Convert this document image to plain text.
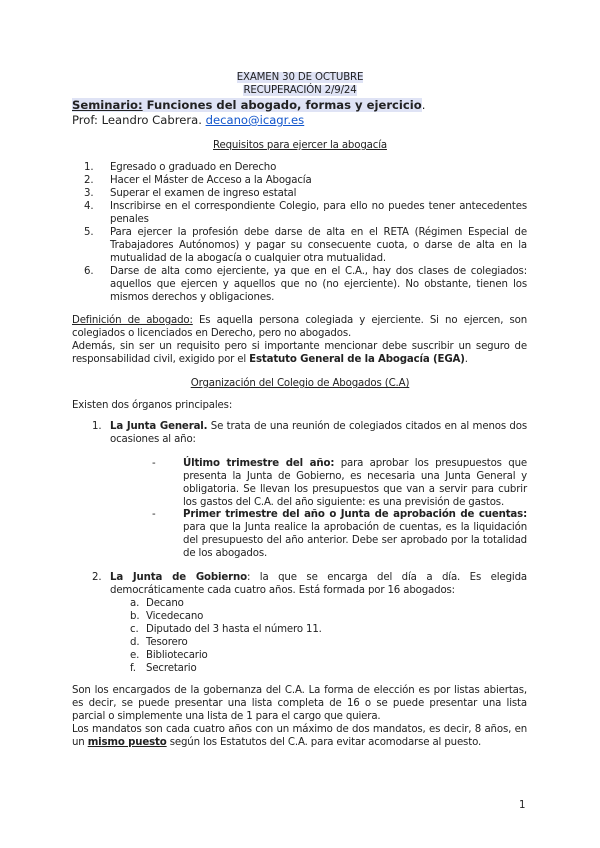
EXAMEN 30 DE OCTUBRE
RECUPERACIÓN 2/9/24
Seminario: Funciones del abogado, formas y ejercicio.
Prof: Leandro Cabrera. decano@icagr.es
Requisitos para ejercer la abogacía
1. Egresado o graduado en Derecho
2. Hacer el Máster de Acceso a la Abogacía
3. Superar el examen de ingreso estatal
4. Inscribirse en el correspondiente Colegio, para ello no puedes tener antecedentes penales
5. Para ejercer la profesión debe darse de alta en el RETA (Régimen Especial de Trabajadores Autónomos) y pagar su consecuente cuota, o darse de alta en la mutualidad de la abogacía o cualquier otra mutualidad.
6. Darse de alta como ejerciente, ya que en el C.A., hay dos clases de colegiados: aquellos que ejercen y aquellos que no (no ejerciente). No obstante, tienen los mismos derechos y obligaciones.
Definición de abogado: Es aquella persona colegiada y ejerciente. Si no ejercen, son colegiados o licenciados en Derecho, pero no abogados.
Además, sin ser un requisito pero si importante mencionar debe suscribir un seguro de responsabilidad civil, exigido por el Estatuto General de la Abogacía (EGA).
Organización del Colegio de Abogados (C.A)
Existen dos órganos principales:
1. La Junta General. Se trata de una reunión de colegiados citados en al menos dos ocasiones al año:
-	Último trimestre del año: para aprobar los presupuestos que presenta la Junta de Gobierno, es necesaria una Junta General y obligatoria. Se llevan los presupuestos que van a servir para cubrir los gastos del C.A. del año siguiente: es una previsión de gastos.
-	Primer trimestre del año o Junta de aprobación de cuentas: para que la Junta realice la aprobación de cuentas, es la liquidación del presupuesto del año anterior. Debe ser aprobado por la totalidad de los abogados.
2. La Junta de Gobierno: la que se encarga del día a día. Es elegida democráticamente cada cuatro años. Está formada por 16 abogados:
a. Decano
b. Vicedecano
c. Diputado del 3 hasta el número 11.
d. Tesorero
e. Bibliotecario
f. Secretario
Son los encargados de la gobernanza del C.A. La forma de elección es por listas abiertas, es decir, se puede presentar una lista completa de 16 o se puede presentar una lista parcial o simplemente una lista de 1 para el cargo que quiera.
Los mandatos son cada cuatro años con un máximo de dos mandatos, es decir, 8 años, en un mismo puesto según los Estatutos del C.A. para evitar acomodarse al puesto.
1
